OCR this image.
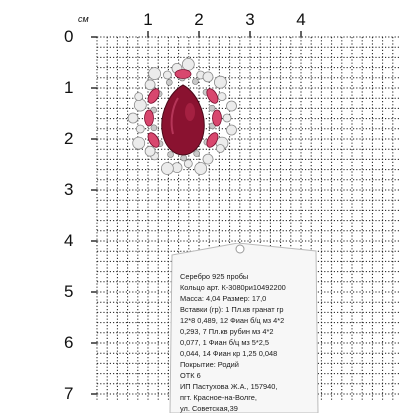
см	1 2 3 4
0
1
2
3
4
5
6
7
Серебро 925 пробы
Кольцо арт. К-3080ри10492200
Масса: 4,04 Размер: 17,0
Вставки (гр): 1 Пл.кв гранат гр
12*8 0,489, 12 Фиан б/ц мз 4*2
0,293, 7 Пл.кв рубин мз 4*2
0,077, 1 Фиан б/ц мз 5*2,5
0,044, 14 Фиан кр 1,25 0,048
Покрытие: Родий
ОТК 6
ИП Пастухова Ж.А., 157940,
пгт. Красное-на-Волге,
ул. Советская,39
